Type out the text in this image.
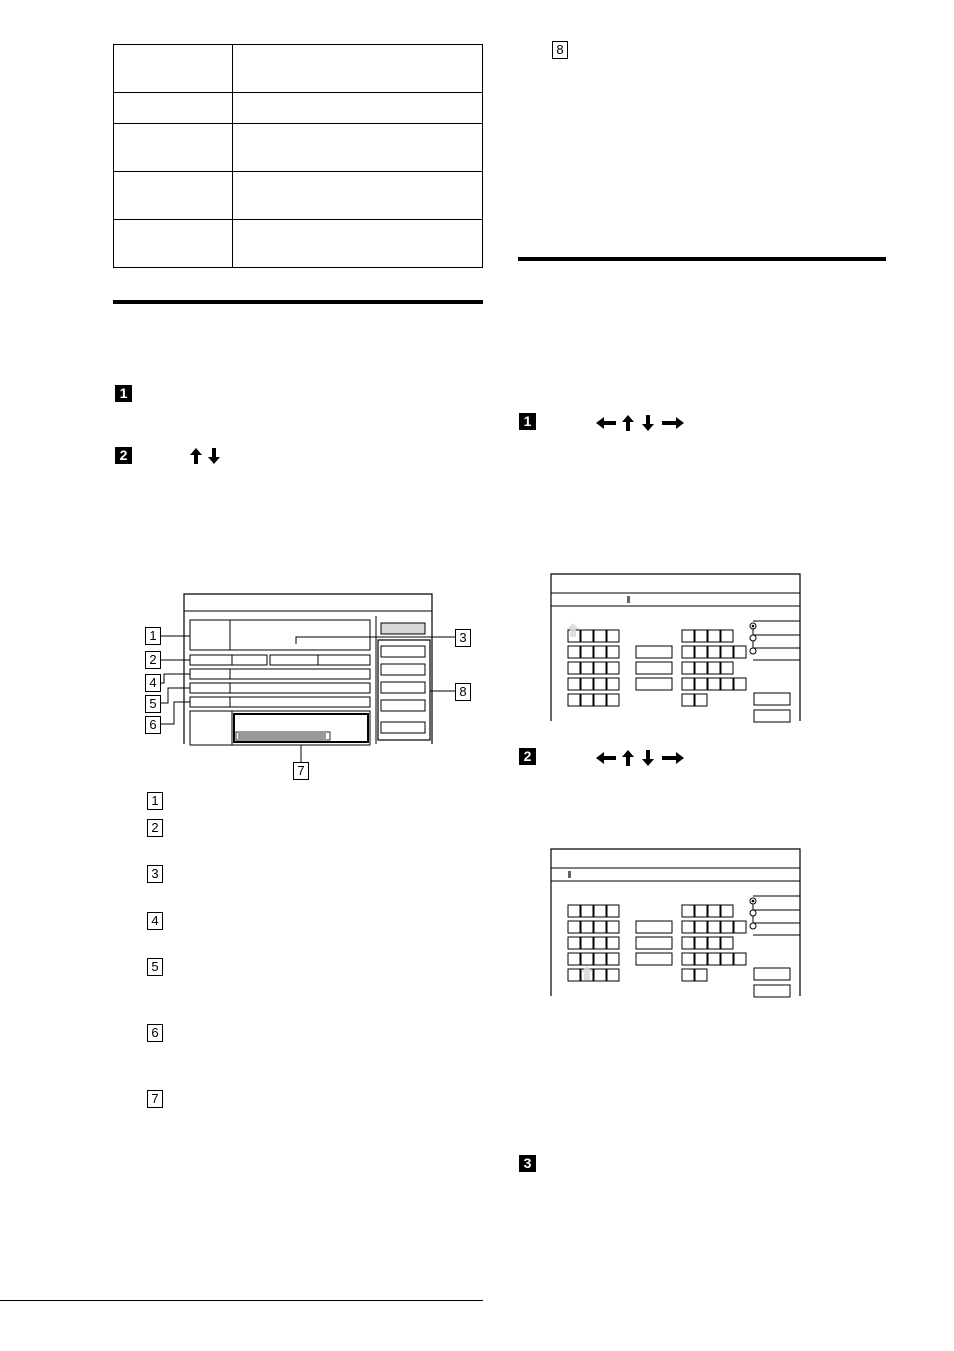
1
2
1
2
4
5
6
3
8
7
1
2
3
4
5
6
7
8
1
2
3
